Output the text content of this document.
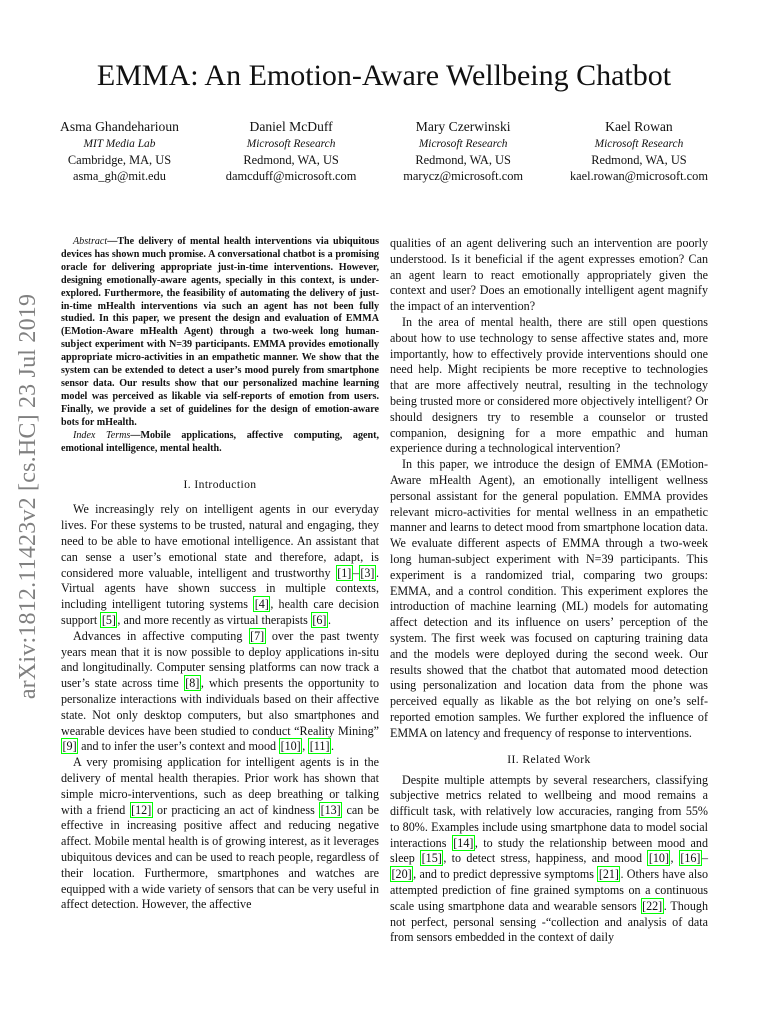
arXiv:1812.11423v2 [cs.HC] 23 Jul 2019
EMMA: An Emotion-Aware Wellbeing Chatbot
Asma Ghandeharioun
MIT Media Lab
Cambridge, MA, US
asma_gh@mit.edu
Daniel McDuff
Microsoft Research
Redmond, WA, US
damcduff@microsoft.com
Mary Czerwinski
Microsoft Research
Redmond, WA, US
marycz@microsoft.com
Kael Rowan
Microsoft Research
Redmond, WA, US
kael.rowan@microsoft.com

Abstract—The delivery of mental health interventions via ubiquitous devices has shown much promise. A conversational chatbot is a promising oracle for delivering appropriate just-in-time interventions. However, designing emotionally-aware agents, specially in this context, is under-explored. Furthermore, the feasibility of automating the delivery of just-in-time mHealth interventions via such an agent has not been fully studied. In this paper, we present the design and evaluation of EMMA (EMotion-Aware mHealth Agent) through a two-week long human-subject experiment with N=39 participants. EMMA provides emotionally appropriate micro-activities in an empathetic manner. We show that the system can be extended to detect a user’s mood purely from smartphone sensor data. Our results show that our personalized machine learning model was perceived as likable via self-reports of emotion from users. Finally, we provide a set of guidelines for the design of emotion-aware bots for mHealth.

Index Terms—Mobile applications, affective computing, agent, emotional intelligence, mental health.

I. Introduction

We increasingly rely on intelligent agents in our everyday lives. For these systems to be trusted, natural and engaging, they need to be able to have emotional intelligence. An assistant that can sense a user’s emotional state and therefore, adapt, is considered more valuable, intelligent and trustworthy [1] – [3] . Virtual agents have shown success in multiple contexts, including intelligent tutoring systems [4] , health care decision support [5] , and more recently as virtual therapists [6] .

Advances in affective computing [7] over the past twenty years mean that it is now possible to deploy applications in-situ and longitudinally. Computer sensing platforms can now track a user’s state across time [8] , which presents the opportunity to personalize interactions with individuals based on their affective state. Not only desktop computers, but also smartphones and wearable devices have been studied to conduct “Reality Mining” [9] and to infer the user’s context and mood [10] , [11] .

A very promising application for intelligent agents is in the delivery of mental health therapies. Prior work has shown that simple micro-interventions, such as deep breathing or talking with a friend [12] or practicing an act of kindness [13] can be effective in increasing positive affect and reducing negative affect. Mobile mental health is of growing interest, as it leverages ubiquitous devices and can be used to reach people, regardless of their location. Furthermore, smartphones and watches are equipped with a wide variety of sensors that can be very useful in affect detection. However, the affective

qualities of an agent delivering such an intervention are poorly understood. Is it beneficial if the agent expresses emotion? Can an agent learn to react emotionally appropriately given the context and user? Does an emotionally intelligent agent magnify the impact of an intervention?

In the area of mental health, there are still open questions about how to use technology to sense affective states and, more importantly, how to effectively provide interventions should one need help. Might recipients be more receptive to technologies that are more affectively neutral, resulting in the technology being trusted more or considered more objectively intelligent? Or should designers try to resemble a counselor or trusted companion, designing for a more empathic and human experience during a technological intervention?

In this paper, we introduce the design of EMMA (EMotion-Aware mHealth Agent), an emotionally intelligent wellness personal assistant for the general population. EMMA provides relevant micro-activities for mental wellness in an empathetic manner and learns to detect mood from smartphone location data. We evaluate different aspects of EMMA through a two-week long human-subject experiment with N=39 participants. This experiment is a randomized trial, comparing two groups: EMMA, and a control condition. This experiment explores the introduction of machine learning (ML) models for automating affect detection and its influence on users’ perception of the system. The first week was focused on capturing training data and the models were deployed during the second week. Our results showed that the chatbot that automated mood detection using personalization and location data from the phone was perceived equally as likable as the bot relying on one’s self-reported emotion samples. We further explored the influence of EMMA on latency and frequency of response to interventions.

II. Related Work

Despite multiple attempts by several researchers, classifying subjective metrics related to wellbeing and mood remains a difficult task, with relatively low accuracies, ranging from 55% to 80%. Examples include using smartphone data to model social interactions [14] , to study the relationship between mood and sleep [15] , to detect stress, happiness, and mood [10] , [16] –[20] , and to predict depressive symptoms [21] . Others have also attempted prediction of fine grained symptoms on a continuous scale using smartphone data and wearable sensors [22] . Though not perfect, personal sensing -“collection and analysis of data from sensors embedded in the context of daily
